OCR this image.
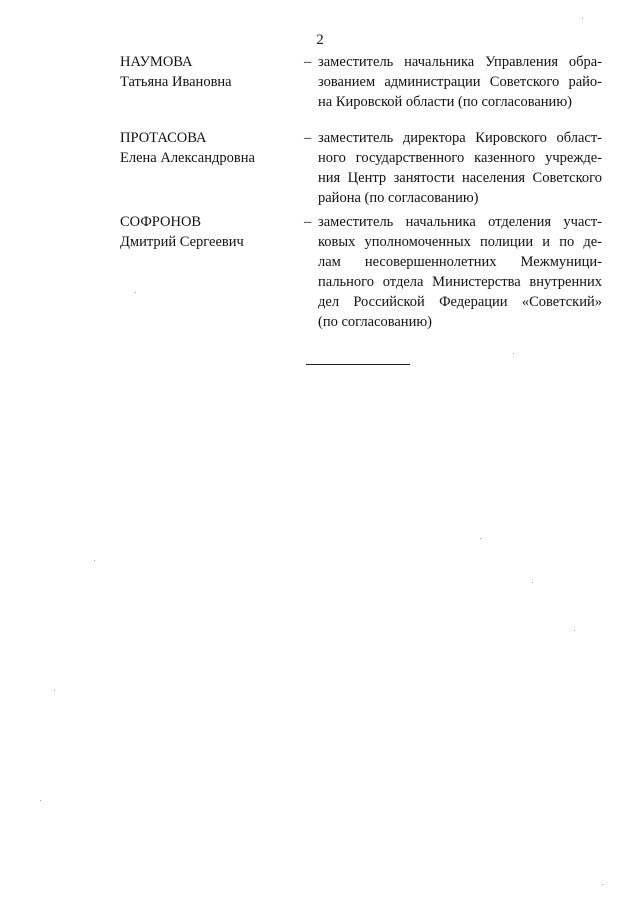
2
НАУМОВА
Татьяна Ивановна
– заместитель начальника Управления обра-
зованием администрации Советского райо-
на Кировской области (по согласованию)
ПРОТАСОВА
Елена Александровна
– заместитель директора Кировского област-
ного государственного казенного учрежде-
ния Центр занятости населения Советского
района (по согласованию)
СОФРОНОВ
Дмитрий Сергеевич
– заместитель начальника отделения участ-
ковых уполномоченных полиции и по де-
лам несовершеннолетних Межмуници-
пального отдела Министерства внутренних
дел Российской Федерации «Советский»
(по согласованию)
